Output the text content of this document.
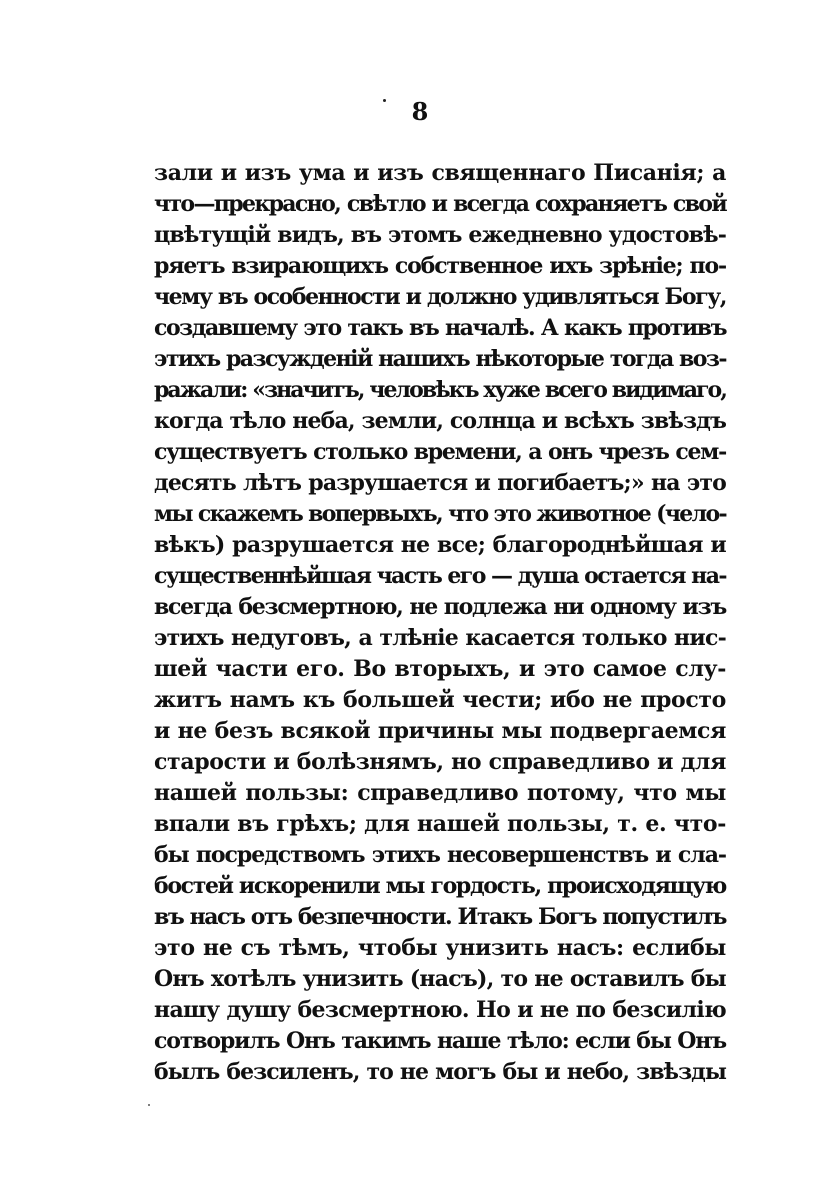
8
зали и изъ ума и изъ священнаго Писанія; а
что—прекрасно, свѣтло и всегда сохраняетъ свой
цвѣтущій видъ, въ этомъ ежедневно удостовѣ-
ряетъ взирающихъ собственное ихъ зрѣніе; по-
чему въ особенности и должно удивляться Богу,
создавшему это такъ въ началѣ. А какъ противъ
этихъ разсужденій нашихъ нѣкоторые тогда воз-
ражали: «значитъ, человѣкъ хуже всего видимаго,
когда тѣло неба, земли, солнца и всѣхъ звѣздъ
существуетъ столько времени, а онъ чрезъ сем-
десять лѣтъ разрушается и погибаетъ;» на это
мы скажемъ вопервыхъ, что это животное (чело-
вѣкъ) разрушается не все; благороднѣйшая и
существеннѣйшая часть его — душа остается на-
всегда безсмертною, не подлежа ни одному изъ
этихъ недуговъ, а тлѣніе касается только ниc-
шей части его. Во вторыхъ, и это самое слу-
житъ намъ къ большей чести; ибо не просто
и не безъ всякой причины мы подвергаемся
старости и болѣзнямъ, но справедливо и для
нашей пользы: справедливо потому, что мы
впали въ грѣхъ; для нашей пользы, т. е. что-
бы посредствомъ этихъ несовершенствъ и сла-
бостей искоренили мы гордость, происходящую
въ насъ отъ безпечности. Итакъ Богъ попустилъ
это не съ тѣмъ, чтобы унизить насъ: еслибы
Онъ хотѣлъ унизить (насъ), то не оставилъ бы
нашу душу безсмертною. Но и не по безсилію
сотворилъ Онъ такимъ наше тѣло: если бы Онъ
былъ безсиленъ, то не могъ бы и небо, звѣзды
